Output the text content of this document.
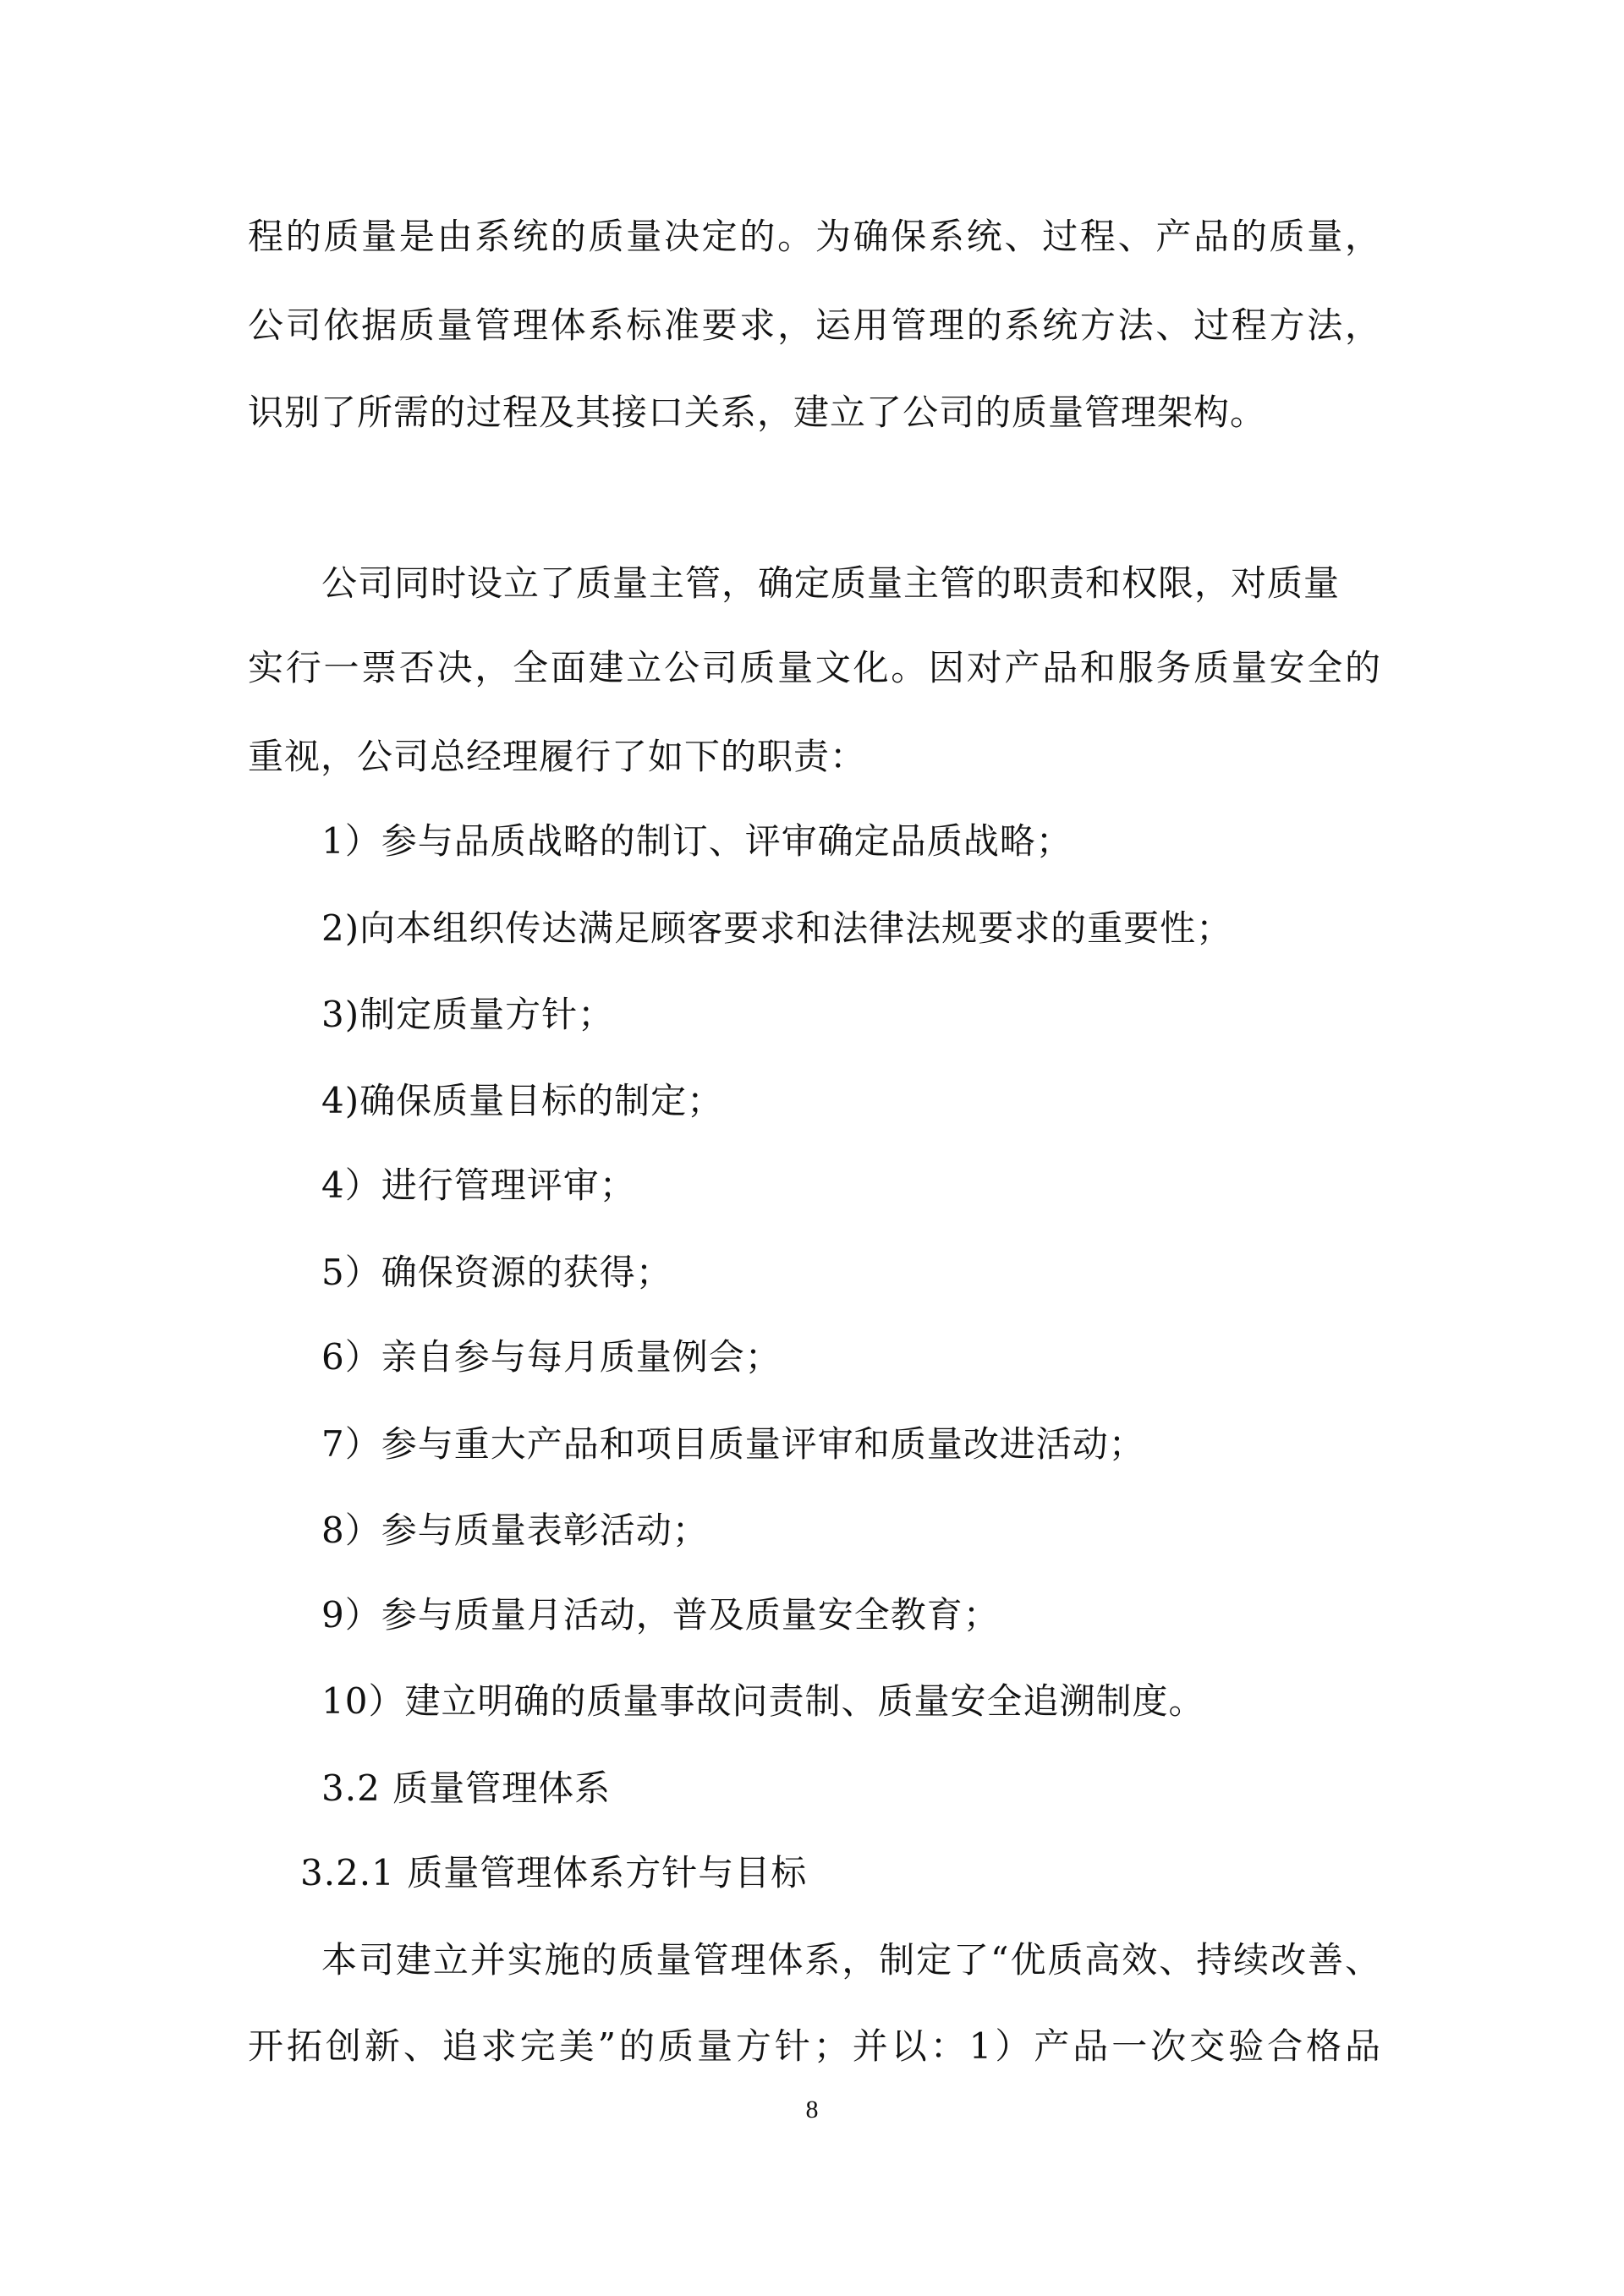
程的质量是由系统的质量决定的。为确保系统、过程、产品的质量，
公司依据质量管理体系标准要求，运用管理的系统方法、过程方法，
识别了所需的过程及其接口关系，建立了公司的质量管理架构。
公司同时设立了质量主管，确定质量主管的职责和权限，对质量
实行一票否决，全面建立公司质量文化。因对产品和服务质量安全的
重视，公司总经理履行了如下的职责：
1）参与品质战略的制订、评审确定品质战略；
2)向本组织传达满足顾客要求和法律法规要求的重要性；
3)制定质量方针；
4)确保质量目标的制定；
4）进行管理评审；
5）确保资源的获得；
6）亲自参与每月质量例会；
7）参与重大产品和项目质量评审和质量改进活动；
8）参与质量表彰活动；
9）参与质量月活动，普及质量安全教育；
10）建立明确的质量事故问责制、质量安全追溯制度。
3.2 质量管理体系
3.2.1 质量管理体系方针与目标
本司建立并实施的质量管理体系，制定了“优质高效、持续改善、
开拓创新、追求完美”的质量方针；并以：1）产品一次交验合格品
8
